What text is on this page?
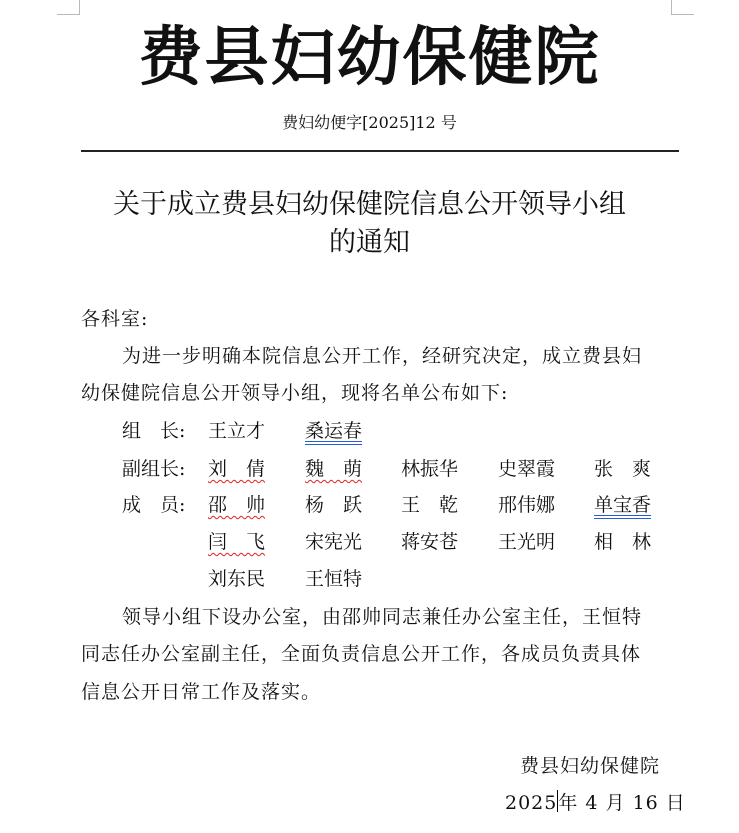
费县妇幼保健院
费妇幼便字[2025]12 号
关于成立费县妇幼保健院信息公开领导小组
的通知
各科室:
为进一步明确本院信息公开工作，经研究决定，成立费县妇
幼保健院信息公开领导小组，现将名单公布如下:
组　长: 王立才 桑运春
副组长: 刘　倩 魏　萌 林振华 史翠霞 张　爽
成　员: 邵　帅 杨　跃 王　乾 邢伟娜 单宝香
闫　飞 宋宪光 蒋安苍 王光明 相　林
刘东民 王恒特
领导小组下设办公室，由邵帅同志兼任办公室主任，王恒特
同志任办公室副主任，全面负责信息公开工作，各成员负责具体
信息公开日常工作及落实。
费县妇幼保健院
2025年 4 月 16 日
